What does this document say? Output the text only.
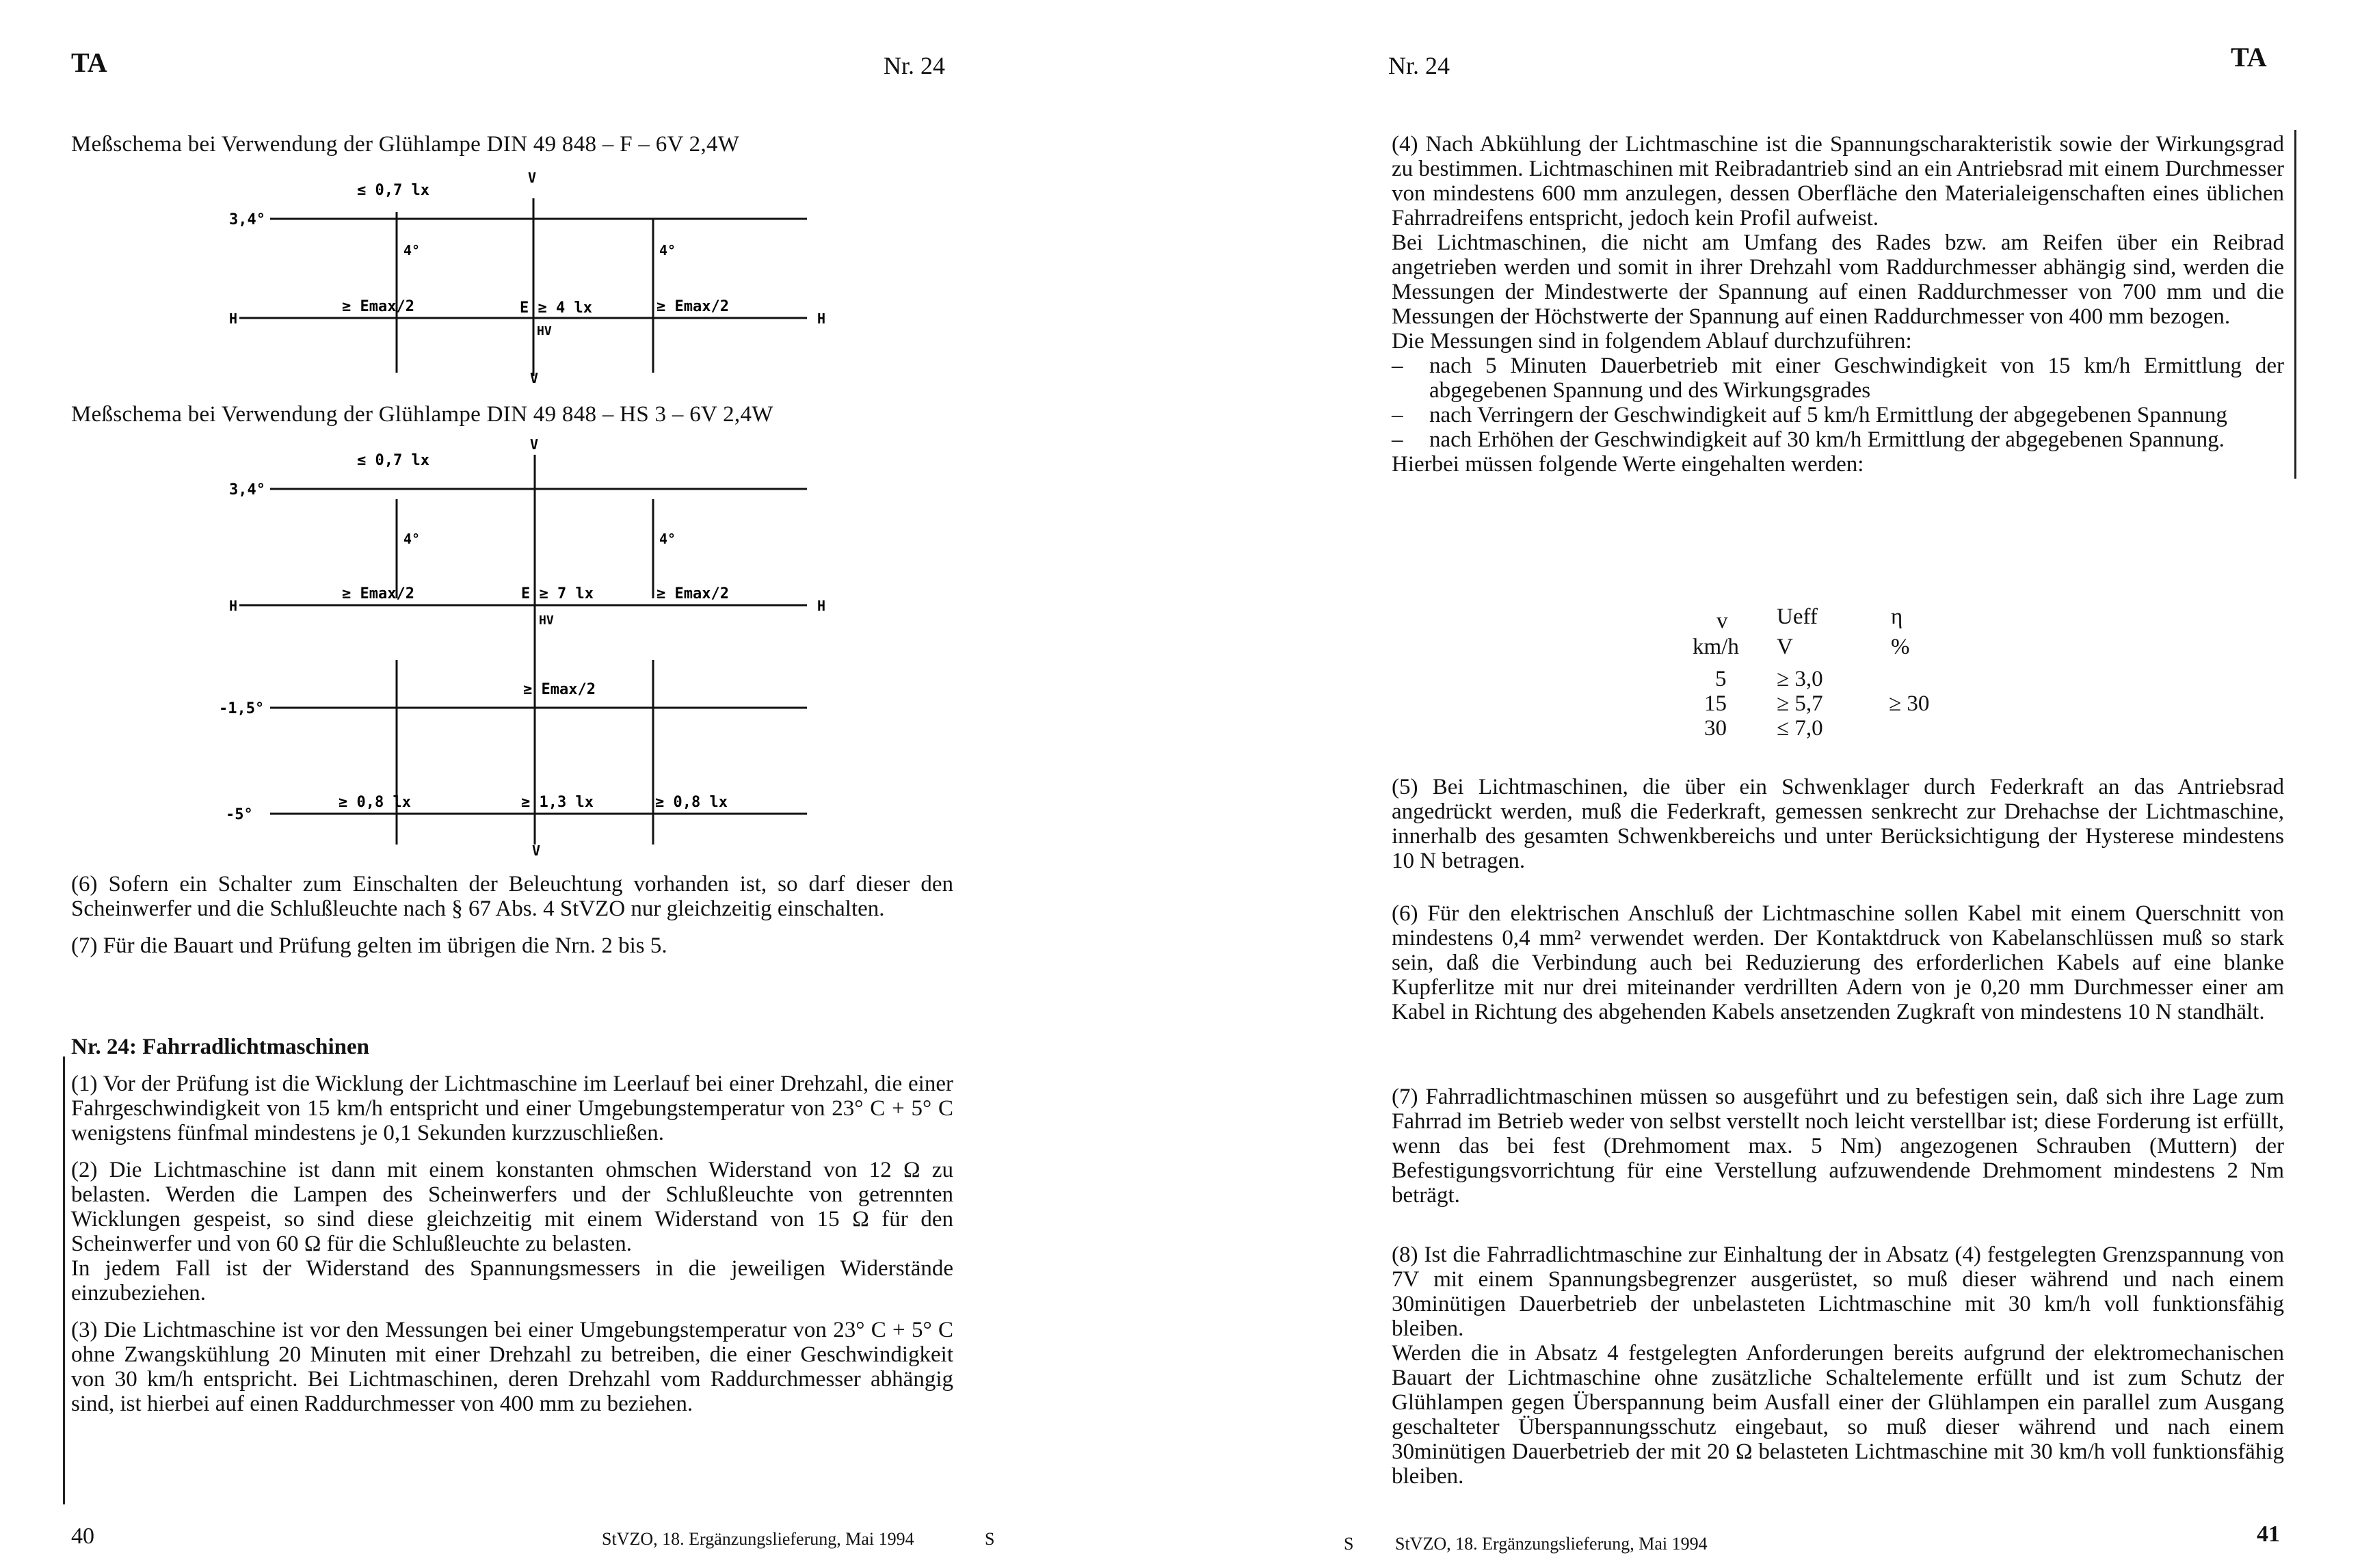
TA	Nr. 24
Meßschema bei Verwendung der Glühlampe DIN 49 848 – F – 6V 2,4W
≤ 0,7 lx
V
3,4°
4°	4°
H	H
≥ Emax/2	E ≥ 4 lx
HV
≥ Emax/2
V
Meßschema bei Verwendung der Glühlampe DIN 49 848 – HS 3 – 6V 2,4W
≤ 0,7 lx
V
3,4°
4°	4°
H	H
≥ Emax/2	E ≥ 7 lx
HV
≥ Emax/2
-1,5°
≥ Emax/2
-5°
≥ 0,8 lx	≥ 1,3 lx	≥ 0,8 lx
V

(6) Sofern ein Schalter zum Einschalten der Beleuchtung vorhanden ist, so darf dieser den Scheinwerfer und die Schlußleuchte nach § 67 Abs. 4 StVZO nur gleichzeitig einschalten.

(7) Für die Bauart und Prüfung gelten im übrigen die Nrn. 2 bis 5.

Nr. 24: Fahrradlichtmaschinen

(1) Vor der Prüfung ist die Wicklung der Lichtmaschine im Leerlauf bei einer Drehzahl, die einer Fahrgeschwindigkeit von 15 km/h entspricht und einer Umgebungstemperatur von 23° C + 5° C wenigstens fünfmal mindestens je 0,1 Sekunden kurzzuschließen.

(2) Die Lichtmaschine ist dann mit einem konstanten ohmschen Widerstand von 12 Ω zu belasten. Werden die Lampen des Scheinwerfers und der Schlußleuchte von getrennten Wicklungen gespeist, so sind diese gleichzeitig mit einem Widerstand von 15 Ω für den Scheinwerfer und von 60 Ω für die Schlußleuchte zu belasten.

In jedem Fall ist der Widerstand des Spannungsmessers in die jeweiligen Widerstände einzubeziehen.

(3) Die Lichtmaschine ist vor den Messungen bei einer Umgebungstemperatur von 23° C + 5° C ohne Zwangskühlung 20 Minuten mit einer Drehzahl zu betreiben, die einer Geschwindigkeit von 30 km/h entspricht. Bei Lichtmaschinen, deren Drehzahl vom Raddurchmesser abhängig sind, ist hierbei auf einen Raddurchmesser von 400 mm zu beziehen.

40	StVZO, 18. Ergänzungslieferung, Mai 1994	S
Nr. 24	TA
(4) Nach Abkühlung der Lichtmaschine ist die Spannungscharakteristik sowie der Wirkungsgrad zu bestimmen. Lichtmaschinen mit Reibradantrieb sind an ein Antriebsrad mit einem Durchmesser von mindestens 600 mm anzulegen, dessen Oberfläche den Materialeigenschaften eines üblichen Fahrradreifens entspricht, jedoch kein Profil aufweist.
Bei Lichtmaschinen, die nicht am Umfang des Rades bzw. am Reifen über ein Reibrad angetrieben werden und somit in ihrer Drehzahl vom Raddurchmesser abhängig sind, werden die Messungen der Mindestwerte der Spannung auf einen Raddurchmesser von 700 mm und die Messungen der Höchstwerte der Spannung auf einen Raddurchmesser von 400 mm bezogen.
Die Messungen sind in folgendem Ablauf durchzuführen:
– nach 5 Minuten Dauerbetrieb mit einer Geschwindigkeit von 15 km/h Ermittlung der abgegebenen Spannung und des Wirkungsgrades
– nach Verringern der Geschwindigkeit auf 5 km/h Ermittlung der abgegebenen Spannung
– nach Erhöhen der Geschwindigkeit auf 30 km/h Ermittlung der abgegebenen Spannung.
Hierbei müssen folgende Werte eingehalten werden:
v Ueff	η
km/h V	%
5 ≥ 3,0
15 ≥ 5,7	≥ 30
30 ≤ 7,0
(5) Bei Lichtmaschinen, die über ein Schwenklager durch Federkraft an das Antriebsrad angedrückt werden, muß die Federkraft, gemessen senkrecht zur Drehachse der Lichtmaschine, innerhalb des gesamten Schwenkbereichs und unter Berücksichtigung der Hysterese mindestens 10 N betragen.
(6) Für den elektrischen Anschluß der Lichtmaschine sollen Kabel mit einem Querschnitt von mindestens 0,4 mm² verwendet werden. Der Kontaktdruck von Kabelanschlüssen muß so stark sein, daß die Verbindung auch bei Reduzierung des erforderlichen Kabels auf eine blanke Kupferlitze mit nur drei miteinander verdrillten Adern von je 0,20 mm Durchmesser einer am Kabel in Richtung des abgehenden Kabels ansetzenden Zugkraft von mindestens 10 N standhält.
(7) Fahrradlichtmaschinen müssen so ausgeführt und zu befestigen sein, daß sich ihre Lage zum Fahrrad im Betrieb weder von selbst verstellt noch leicht verstellbar ist; diese Forderung ist erfüllt, wenn das bei fest (Drehmoment max. 5 Nm) angezogenen Schrauben (Muttern) der Befestigungsvorrichtung für eine Verstellung aufzuwendende Drehmoment mindestens 2 Nm beträgt.
(8) Ist die Fahrradlichtmaschine zur Einhaltung der in Absatz (4) festgelegten Grenzspannung von 7V mit einem Spannungsbegrenzer ausgerüstet, so muß dieser während und nach einem 30minütigen Dauerbetrieb der unbelasteten Lichtmaschine mit 30 km/h voll funktionsfähig bleiben.
Werden die in Absatz 4 festgelegten Anforderungen bereits aufgrund der elektromechanischen Bauart der Lichtmaschine ohne zusätzliche Schaltelemente erfüllt und ist zum Schutz der Glühlampen gegen Überspannung beim Ausfall einer der Glühlampen ein parallel zum Ausgang geschalteter Überspannungsschutz eingebaut, so muß dieser während und nach einem 30minütigen Dauerbetrieb der mit 20 Ω belasteten Lichtmaschine mit 30 km/h voll funktionsfähig bleiben.
S StVZO, 18. Ergänzungslieferung, Mai 1994	41
